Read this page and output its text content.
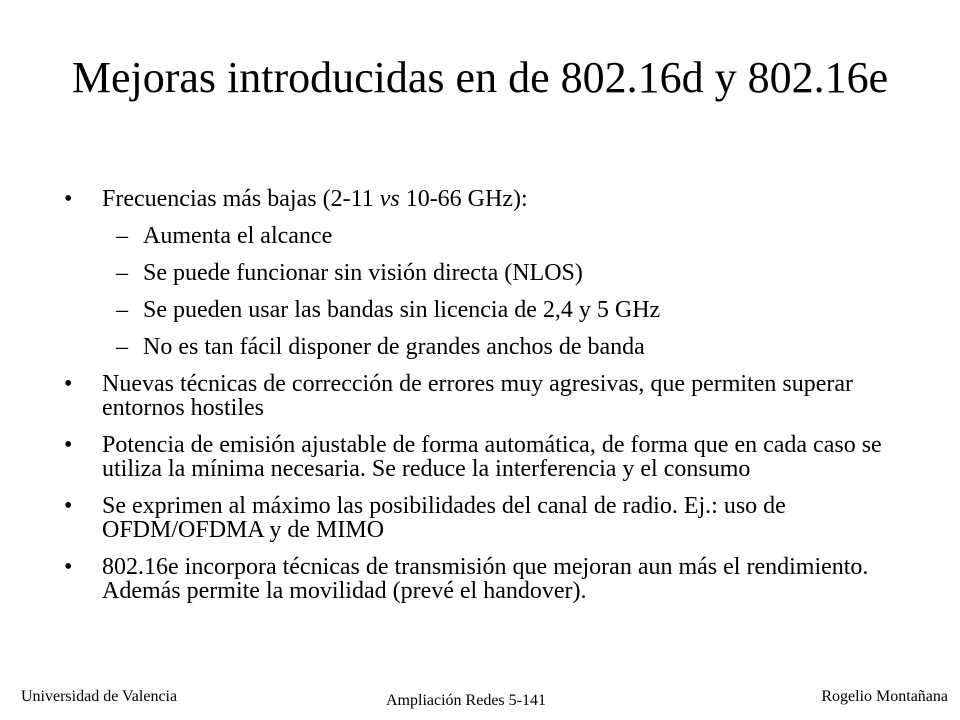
Mejoras introducidas en de 802.16d y 802.16e
• Frecuencias más bajas (2-11 vs 10-66 GHz):
– Aumenta el alcance
– Se puede funcionar sin visión directa (NLOS)
– Se pueden usar las bandas sin licencia de 2,4 y 5 GHz
– No es tan fácil disponer de grandes anchos de banda
• Nuevas técnicas de corrección de errores muy agresivas, que permiten superar entornos hostiles
• Potencia de emisión ajustable de forma automática, de forma que en cada caso se utiliza la mínima necesaria. Se reduce la interferencia y el consumo
• Se exprimen al máximo las posibilidades del canal de radio. Ej.: uso de OFDM/OFDMA y de MIMO
• 802.16e incorpora técnicas de transmisión que mejoran aun más el rendimiento. Además permite la movilidad (prevé el handover).
Universidad de Valencia	Ampliación Redes 5-141	Rogelio Montañana
